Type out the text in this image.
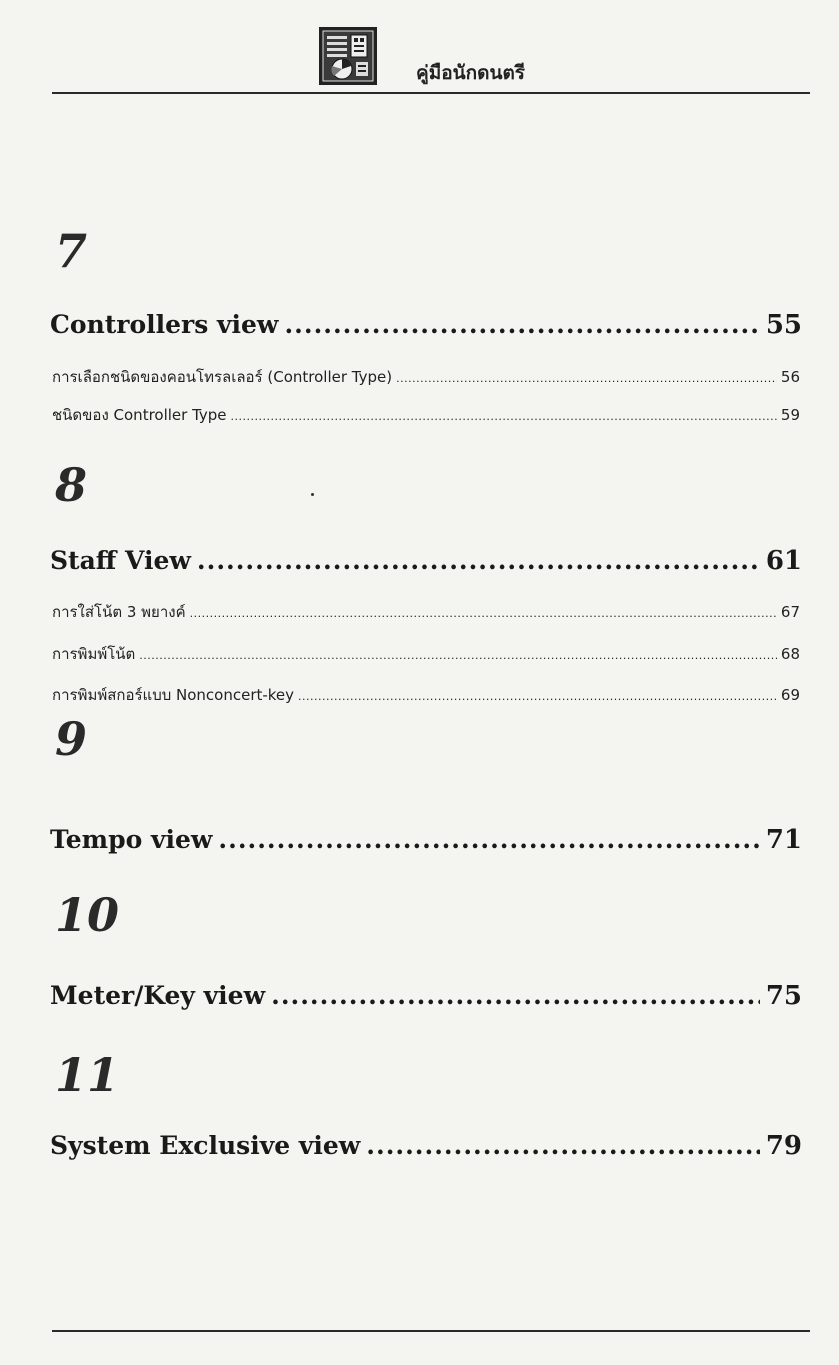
คู่มือนักดนตรี
7
Controllers view .....	55
การเลือกชนิดของคอนโทรลเลอร์ (Controller Type) .....	56
ชนิดของ Controller Type .....	59
8
Staff View .....	61
การใส่โน้ต 3 พยางค์ .....	67
การพิมพ์โน้ต .....	68
การพิมพ์สกอร์แบบ Nonconcert-key .....	69
9
Tempo view .....	71
10
Meter/Key view .....	75
11
System Exclusive view .....	79
